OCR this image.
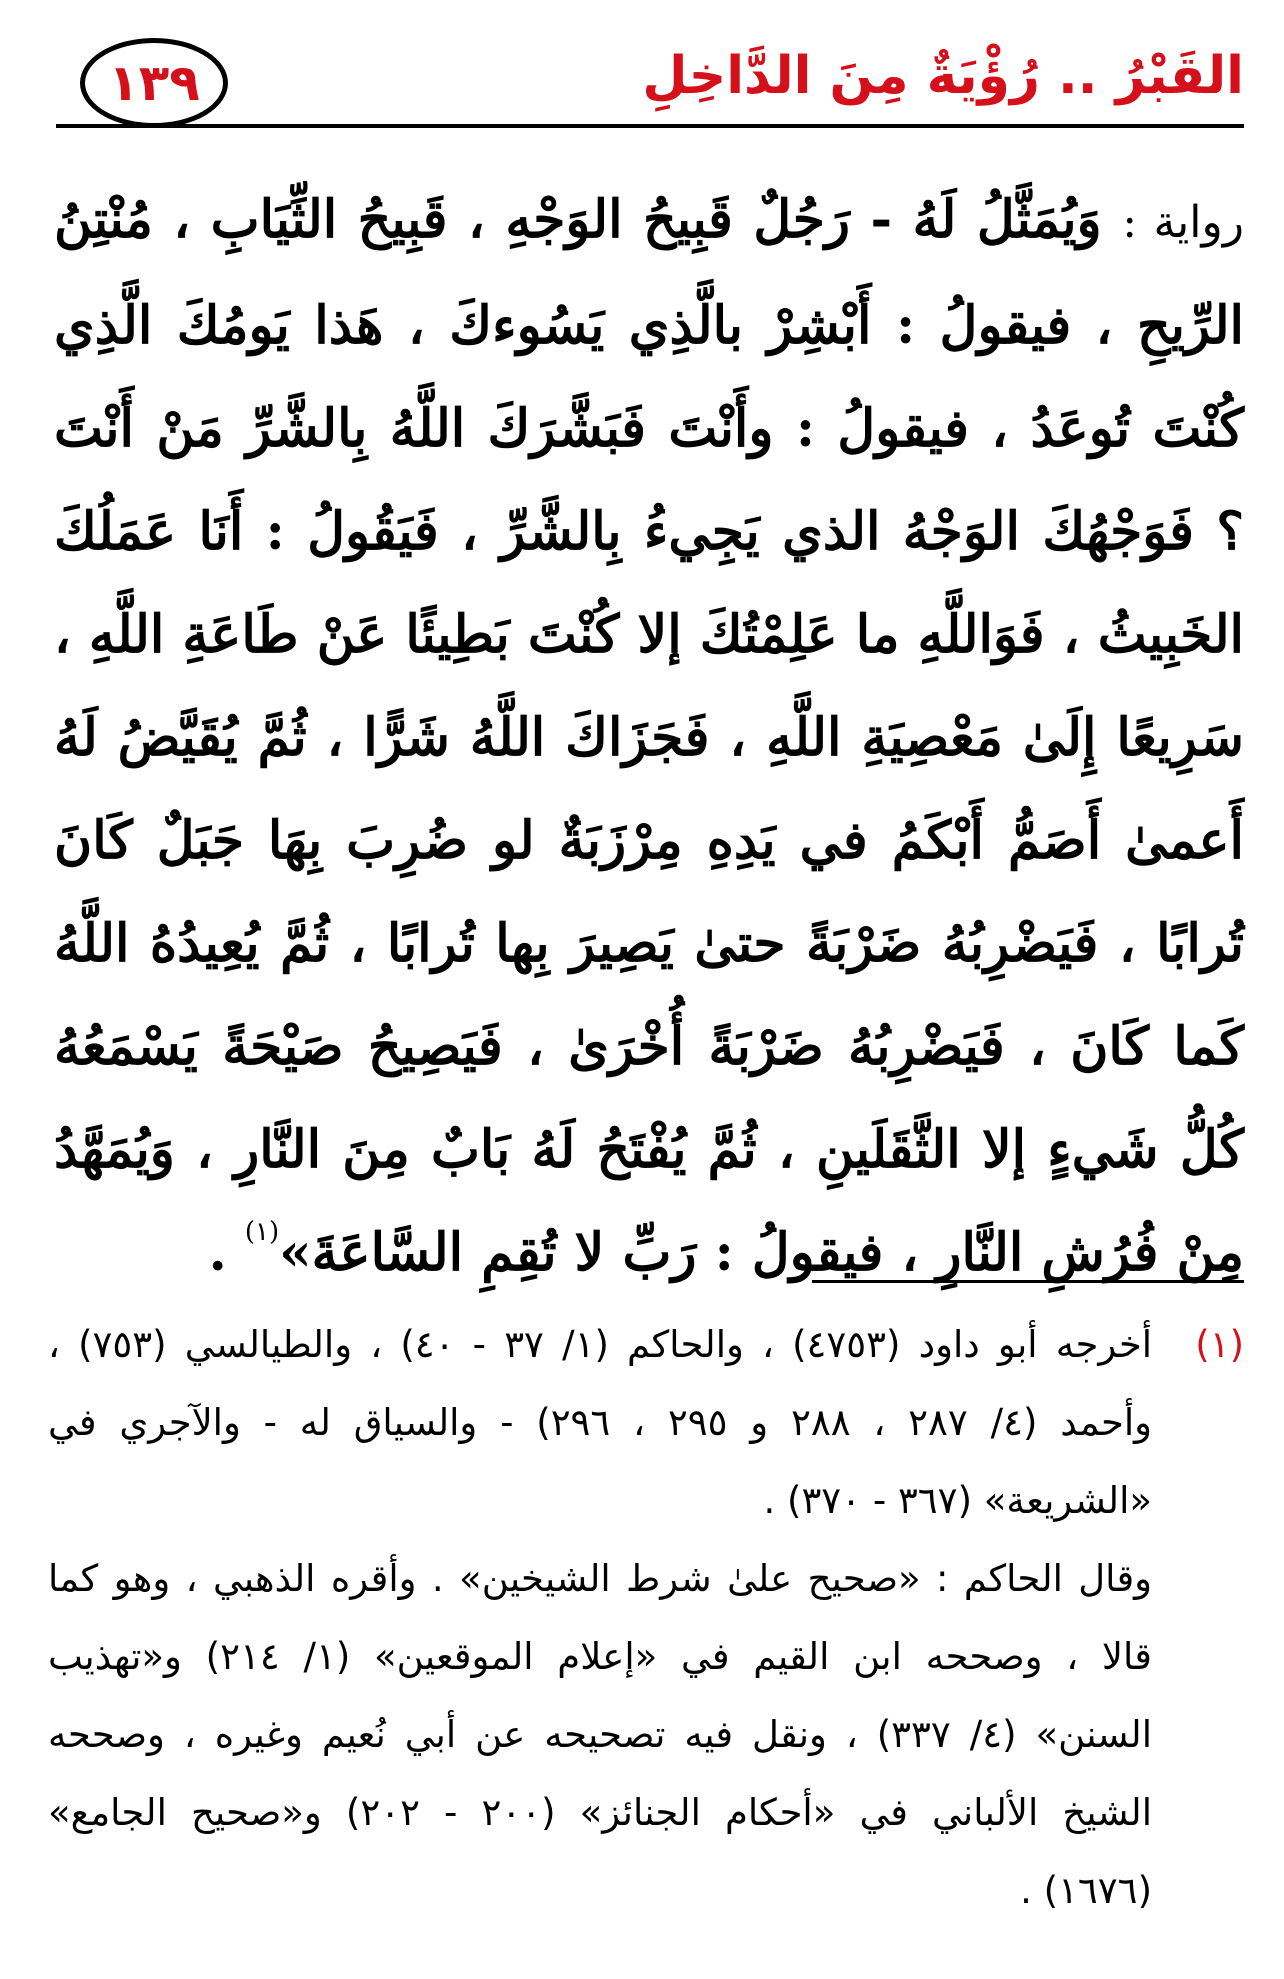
القَبْرُ .. رُؤْيَةٌ مِنَ الدَّاخِلِ
١٣٩
رواية : وَيُمَثَّلُ لَهُ - رَجُلٌ قَبِيحُ الوَجْهِ ، قَبِيحُ الثِّيَابِ ، مُنْتِنُ الرِّيحِ ، فيقولُ : أَبْشِرْ بالَّذِي يَسُوءكَ ، هَذا يَومُكَ الَّذِي كُنْتَ تُوعَدُ ، فيقولُ : وأَنْتَ فَبَشَّرَكَ اللَّهُ بِالشَّرِّ مَنْ أَنْتَ ؟ فَوَجْهُكَ الوَجْهُ الذي يَجِيءُ بِالشَّرِّ ، فَيَقُولُ : أَنَا عَمَلُكَ الخَبِيثُ ، فَوَاللَّهِ ما عَلِمْتُكَ إلا كُنْتَ بَطِيئًا عَنْ طَاعَةِ اللَّهِ ، سَرِيعًا إِلَىٰ مَعْصِيَةِ اللَّهِ ، فَجَزَاكَ اللَّهُ شَرًّا ، ثُمَّ يُقَيَّضُ لَهُ أَعمىٰ أَصَمُّ أَبْكَمُ في يَدِهِ مِرْزَبَةٌ لو ضُرِبَ بِهَا جَبَلٌ كَانَ تُرابًا ، فَيَضْرِبُهُ ضَرْبَةً حتىٰ يَصِيرَ بِها تُرابًا ، ثُمَّ يُعِيدُهُ اللَّهُ كَما كَانَ ، فَيَضْرِبُهُ ضَرْبَةً أُخْرَىٰ ، فَيَصِيحُ صَيْحَةً يَسْمَعُهُ كُلُّ شَيءٍ إلا الثَّقَلَينِ ، ثُمَّ يُفْتَحُ لَهُ بَابٌ مِنَ النَّارِ ، وَيُمَهَّدُ مِنْ فُرُشِ النَّارِ ، فيقولُ : رَبِّ لا تُقِمِ السَّاعَةَ»$^{(١)}$ .
(١)

أخرجه أبو داود (٤٧٥٣) ، والحاكم (١/ ٣٧ - ٤٠) ، والطيالسي (٧٥٣) ، وأحمد (٤/ ٢٨٧ ، ٢٨٨ و ٢٩٥ ، ٢٩٦) - والسياق له - والآجري في «الشريعة» (٣٦٧ - ٣٧٠) .

وقال الحاكم : «صحيح علىٰ شرط الشيخين» . وأقره الذهبي ، وهو كما قالا ، وصححه ابن القيم في «إعلام الموقعين» (١/ ٢١٤) و«تهذيب السنن» (٤/ ٣٣٧) ، ونقل فيه تصحيحه عن أبي نُعيم وغيره ، وصححه الشيخ الألباني في «أحكام الجنائز» (٢٠٠ - ٢٠٢) و«صحيح الجامع» (١٦٧٦) .
